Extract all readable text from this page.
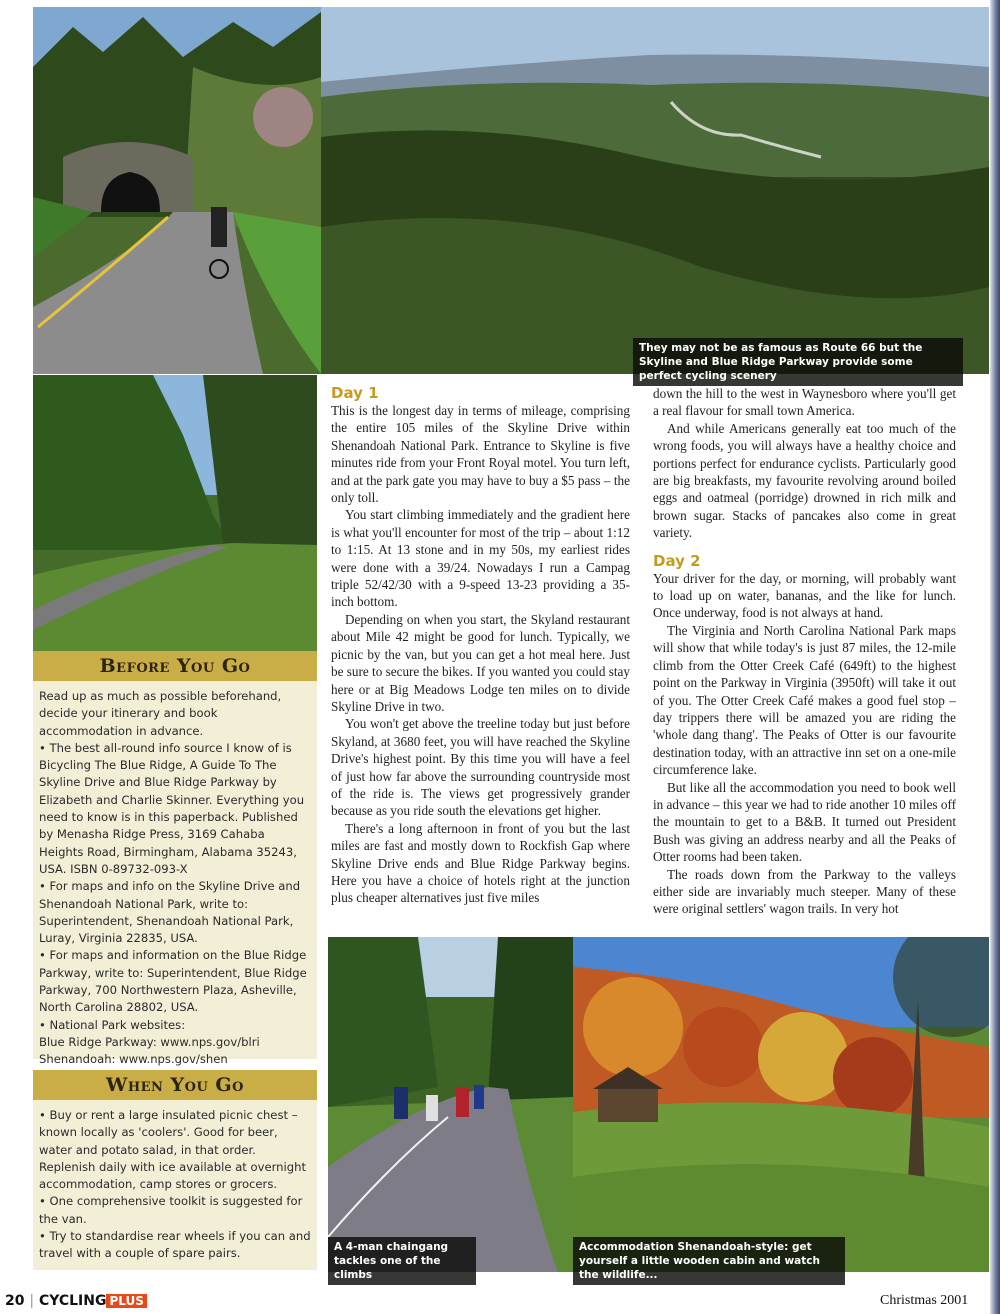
They may not be as famous as Route 66 but the Skyline and Blue Ridge Parkway provide some perfect cycling scenery
Before You Go

Read up as much as possible beforehand, decide your itinerary and book accommodation in advance.

• The best all-round info source I know of is Bicycling The Blue Ridge, A Guide To The Skyline Drive and Blue Ridge Parkway by Elizabeth and Charlie Skinner. Everything you need to know is in this paperback. Published by Menasha Ridge Press, 3169 Cahaba Heights Road, Birmingham, Alabama 35243, USA. ISBN 0-89732-093-X

• For maps and info on the Skyline Drive and Shenandoah National Park, write to: Superintendent, Shenandoah National Park, Luray, Virginia 22835, USA.

• For maps and information on the Blue Ridge Parkway, write to: Superintendent, Blue Ridge Parkway, 700 Northwestern Plaza, Asheville, North Carolina 28802, USA.

• National Park websites:

Blue Ridge Parkway: www.nps.gov/blri

Shenandoah: www.nps.gov/shen

When You Go

• Buy or rent a large insulated picnic chest – known locally as 'coolers'. Good for beer, water and potato salad, in that order. Replenish daily with ice available at overnight accommodation, camp stores or grocers.

• One comprehensive toolkit is suggested for the van.

• Try to standardise rear wheels if you can and travel with a couple of spare pairs.

Day 1

This is the longest day in terms of mileage, comprising the entire 105 miles of the Skyline Drive within Shenandoah National Park. Entrance to Skyline is five minutes ride from your Front Royal motel. You turn left, and at the park gate you may have to buy a $5 pass – the only toll.

You start climbing immediately and the gradient here is what you'll encounter for most of the trip – about 1:12 to 1:15. At 13 stone and in my 50s, my earliest rides were done with a 39/24. Nowadays I run a Campag triple 52/42/30 with a 9-speed 13-23 providing a 35-inch bottom.

Depending on when you start, the Skyland restaurant about Mile 42 might be good for lunch. Typically, we picnic by the van, but you can get a hot meal here. Just be sure to secure the bikes. If you wanted you could stay here or at Big Meadows Lodge ten miles on to divide Skyline Drive in two.

You won't get above the treeline today but just before Skyland, at 3680 feet, you will have reached the Skyline Drive's highest point. By this time you will have a feel of just how far above the surrounding countryside most of the ride is. The views get progressively grander because as you ride south the elevations get higher.

There's a long afternoon in front of you but the last miles are fast and mostly down to Rockfish Gap where Skyline Drive ends and Blue Ridge Parkway begins. Here you have a choice of hotels right at the junction plus cheaper alternatives just five miles

down the hill to the west in Waynesboro where you'll get a real flavour for small town America.

And while Americans generally eat too much of the wrong foods, you will always have a healthy choice and portions perfect for endurance cyclists. Particularly good are big breakfasts, my favourite revolving around boiled eggs and oatmeal (porridge) drowned in rich milk and brown sugar. Stacks of pancakes also come in great variety.

Day 2

Your driver for the day, or morning, will probably want to load up on water, bananas, and the like for lunch. Once underway, food is not always at hand.

The Virginia and North Carolina National Park maps will show that while today's is just 87 miles, the 12-mile climb from the Otter Creek Café (649ft) to the highest point on the Parkway in Virginia (3950ft) will take it out of you. The Otter Creek Café makes a good fuel stop – day trippers there will be amazed you are riding the 'whole dang thang'. The Peaks of Otter is our favourite destination today, with an attractive inn set on a one-mile circumference lake.

But like all the accommodation you need to book well in advance – this year we had to ride another 10 miles off the mountain to get to a B&B. It turned out President Bush was giving an address nearby and all the Peaks of Otter rooms had been taken.

The roads down from the Parkway to the valleys either side are invariably much steeper. Many of these were original settlers' wagon trails. In very hot

A 4-man chaingang tackles one of the climbs
Accommodation Shenandoah-style: get yourself a little wooden cabin and watch the wildlife...
20 | CYCLING PLUS	Christmas 2001
